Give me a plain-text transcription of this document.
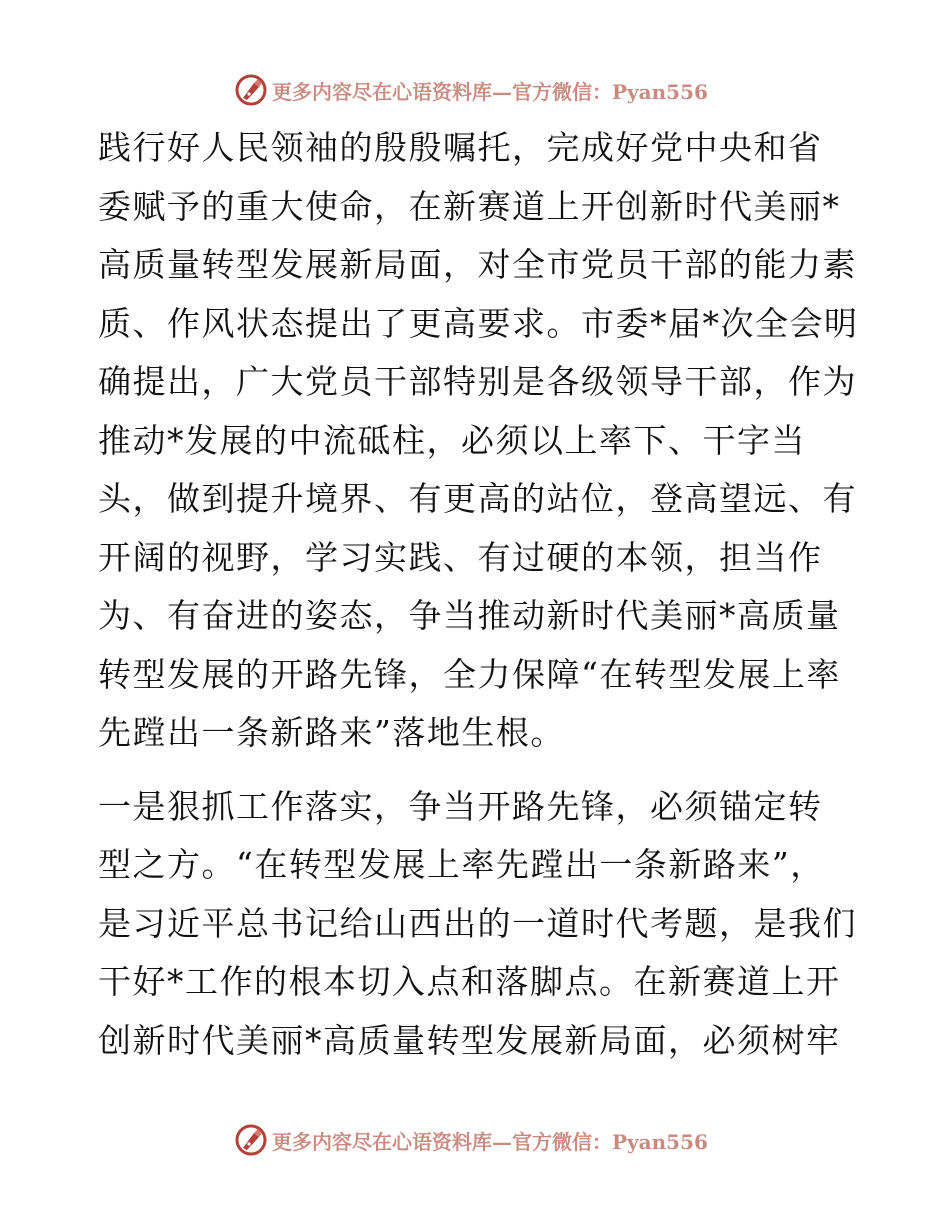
更多内容尽在心语资料库—官方微信：Pyan556

践行好人民领袖的殷殷嘱托，完成好党中央和省
委赋予的重大使命，在新赛道上开创新时代美丽*
高质量转型发展新局面，对全市党员干部的能力素
质、作风状态提出了更高要求。市委*届*次全会明
确提出，广大党员干部特别是各级领导干部，作为
推动*发展的中流砥柱，必须以上率下、干字当
头，做到提升境界、有更高的站位，登高望远、有
开阔的视野，学习实践、有过硬的本领，担当作
为、有奋进的姿态，争当推动新时代美丽*高质量
转型发展的开路先锋，全力保障“在转型发展上率
先蹚出一条新路来”落地生根。

一是狠抓工作落实，争当开路先锋，必须锚定转
型之方。“在转型发展上率先蹚出一条新路来”，
是习近平总书记给山西出的一道时代考题，是我们
干好*工作的根本切入点和落脚点。在新赛道上开
创新时代美丽*高质量转型发展新局面，必须树牢

更多内容尽在心语资料库—官方微信：Pyan556
